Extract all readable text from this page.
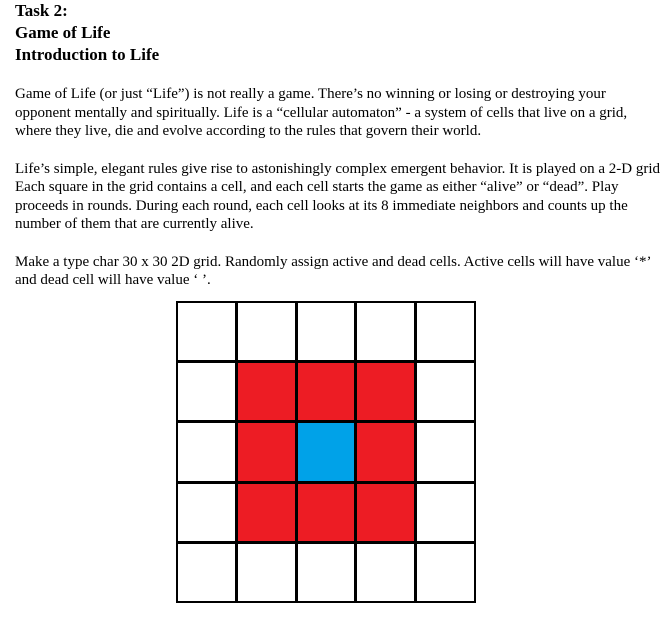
Task 2:

Game of Life

Introduction to Life

Game of Life (or just “Life”) is not really a game. There’s no winning or losing or destroying your opponent mentally and spiritually. Life is a “cellular automaton” - a system of cells that live on a grid, where they live, die and evolve according to the rules that govern their world.

Life’s simple, elegant rules give rise to astonishingly complex emergent behavior. It is played on a 2-D grid Each square in the grid contains a cell, and each cell starts the game as either “alive” or “dead”. Play proceeds in rounds. During each round, each cell looks at its 8 immediate neighbors and counts up the number of them that are currently alive.

Make a type char 30 x 30 2D grid. Randomly assign active and dead cells. Active cells will have value ‘*’ and dead cell will have value ‘ ’.
